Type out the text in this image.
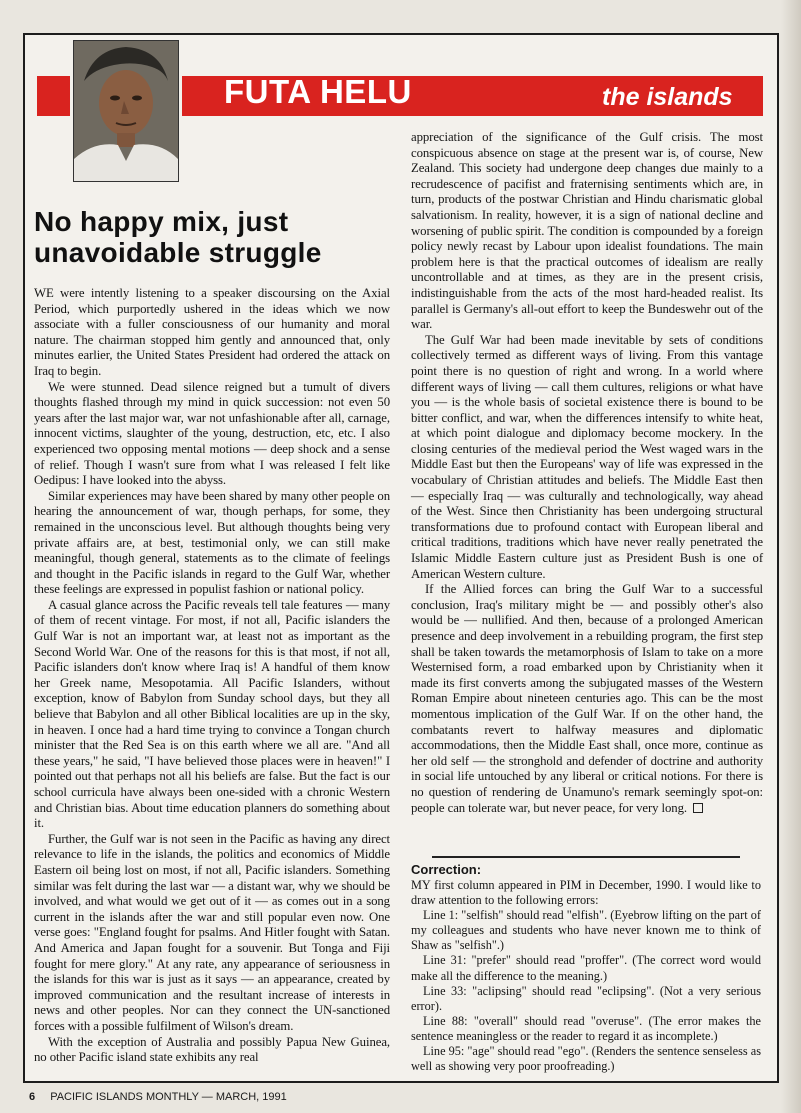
FUTA HELU	the islands
No happy mix, just unavoidable struggle

WE were intently listening to a speaker discoursing on the Axial Period, which purportedly ushered in the ideas which we now associate with a fuller consciousness of our humanity and moral nature. The chairman stopped him gently and announced that, only minutes earlier, the United States President had ordered the attack on Iraq to begin.

We were stunned. Dead silence reigned but a tumult of divers thoughts flashed through my mind in quick succession: not even 50 years after the last major war, war not unfashionable after all, carnage, innocent victims, slaughter of the young, destruction, etc, etc. I also experienced two opposing mental motions — deep shock and a sense of relief. Though I wasn't sure from what I was released I felt like Oedipus: I have looked into the abyss.

Similar experiences may have been shared by many other people on hearing the announcement of war, though perhaps, for some, they remained in the unconscious level. But although thoughts being very private affairs are, at best, testimonial only, we can still make meaningful, though general, statements as to the climate of feelings and thought in the Pacific islands in regard to the Gulf War, whether these feelings are expressed in populist fashion or national policy.

A casual glance across the Pacific reveals tell tale features — many of them of recent vintage. For most, if not all, Pacific islanders the Gulf War is not an important war, at least not as important as the Second World War. One of the reasons for this is that most, if not all, Pacific islanders don't know where Iraq is! A handful of them know her Greek name, Mesopotamia. All Pacific Islanders, without exception, know of Babylon from Sunday school days, but they all believe that Babylon and all other Biblical localities are up in the sky, in heaven. I once had a hard time trying to convince a Tongan church minister that the Red Sea is on this earth where we all are. "And all these years," he said, "I have believed those places were in heaven!" I pointed out that perhaps not all his beliefs are false. But the fact is our school curricula have always been one-sided with a chronic Western and Christian bias. About time education planners do something about it.

Further, the Gulf war is not seen in the Pacific as having any direct relevance to life in the islands, the politics and economics of Middle Eastern oil being lost on most, if not all, Pacific islanders. Something similar was felt during the last war — a distant war, why we should be involved, and what would we get out of it — as comes out in a song current in the islands after the war and still popular even now. One verse goes: "England fought for psalms. And Hitler fought with Satan. And America and Japan fought for a souvenir. But Tonga and Fiji fought for mere glory." At any rate, any appearance of seriousness in the islands for this war is just as it says — an appearance, created by improved communication and the resultant increase of interests in news and other peoples. Nor can they connect the UN-sanctioned forces with a possible fulfilment of Wilson's dream.

With the exception of Australia and possibly Papua New Guinea, no other Pacific island state exhibits any real

appreciation of the significance of the Gulf crisis. The most conspicuous absence on stage at the present war is, of course, New Zealand. This society had undergone deep changes due mainly to a recrudescence of pacifist and fraternising sentiments which are, in turn, products of the postwar Christian and Hindu charismatic global salvationism. In reality, however, it is a sign of national decline and worsening of public spirit. The condition is compounded by a foreign policy newly recast by Labour upon idealist foundations. The main problem here is that the practical outcomes of idealism are really uncontrollable and at times, as they are in the present crisis, indistinguishable from the acts of the most hard-headed realist. Its parallel is Germany's all-out effort to keep the Bundeswehr out of the war.

The Gulf War had been made inevitable by sets of conditions collectively termed as different ways of living. From this vantage point there is no question of right and wrong. In a world where different ways of living — call them cultures, religions or what have you — is the whole basis of societal existence there is bound to be bitter conflict, and war, when the differences intensify to white heat, at which point dialogue and diplomacy become mockery. In the closing centuries of the medieval period the West waged wars in the Middle East but then the Europeans' way of life was expressed in the vocabulary of Christian attitudes and beliefs. The Middle East then — especially Iraq — was culturally and technologically, way ahead of the West. Since then Christianity has been undergoing structural transformations due to profound contact with European liberal and critical traditions, traditions which have never really penetrated the Islamic Middle Eastern culture just as President Bush is one of American Western culture.

If the Allied forces can bring the Gulf War to a successful conclusion, Iraq's military might be — and possibly other's also would be — nullified. And then, because of a prolonged American presence and deep involvement in a rebuilding program, the first step shall be taken towards the metamorphosis of Islam to take on a more Westernised form, a road embarked upon by Christianity when it made its first converts among the subjugated masses of the Western Roman Empire about nineteen centuries ago. This can be the most momentous implication of the Gulf War. If on the other hand, the combatants revert to halfway measures and diplomatic accommodations, then the Middle East shall, once more, continue as her old self — the stronghold and defender of doctrine and authority in social life untouched by any liberal or critical notions. For there is no question of rendering de Unamuno's remark seemingly spot-on: people can tolerate war, but never peace, for very long.

Correction:

MY first column appeared in PIM in December, 1990. I would like to draw attention to the following errors:

Line 1: "selfish" should read "elfish". (Eyebrow lifting on the part of my colleagues and students who have never known me to think of Shaw as "selfish".)

Line 31: "prefer" should read "proffer". (The correct word would make all the difference to the meaning.)

Line 33: "aclipsing" should read "eclipsing". (Not a very serious error).

Line 88: "overall" should read "overuse". (The error makes the sentence meaningless or the reader to regard it as incomplete.)

Line 95: "age" should read "ego". (Renders the sentence senseless as well as showing very poor proofreading.)

6 PACIFIC ISLANDS MONTHLY — MARCH, 1991
